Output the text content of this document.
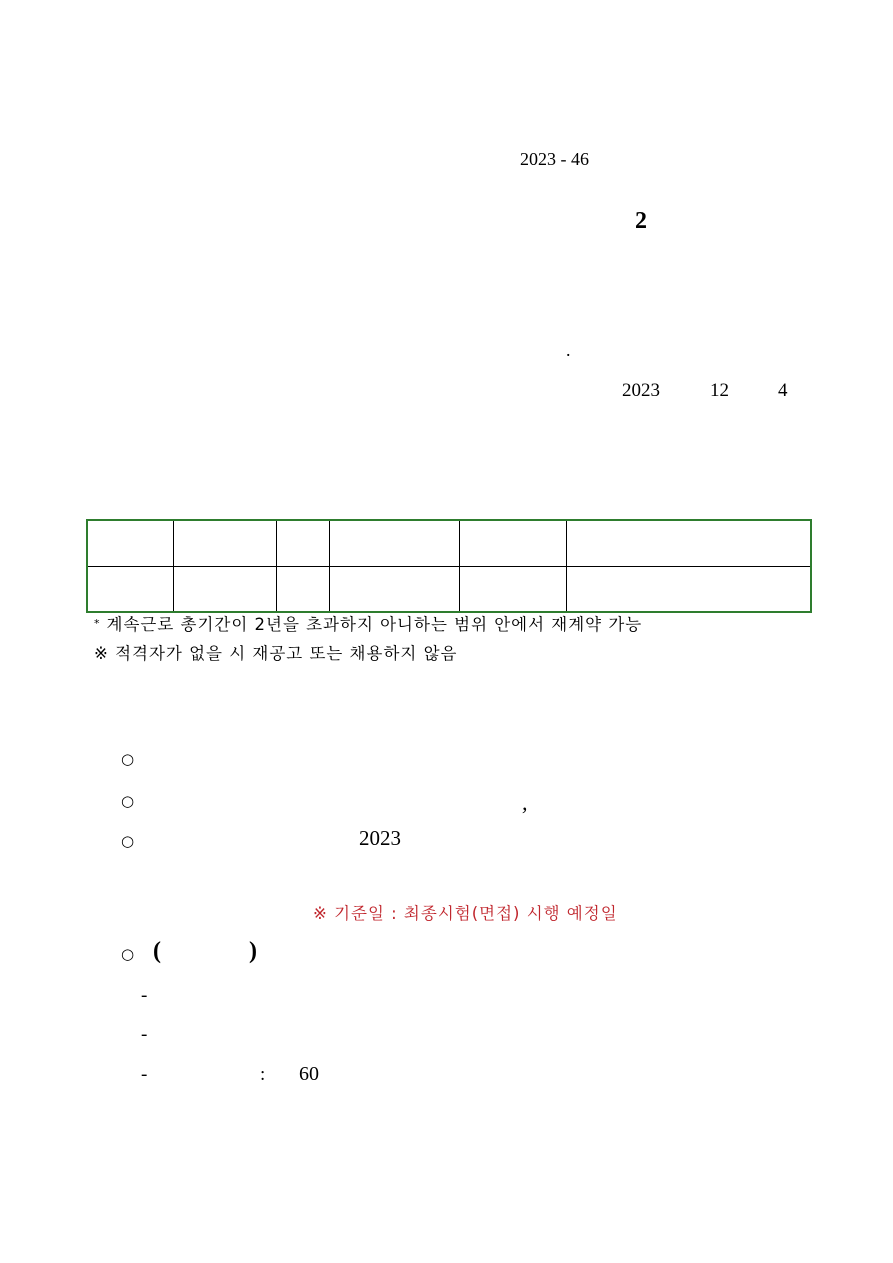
2023 - 46
2
.
2023	12	4

* 계속근로 총기간이 2년을 초과하지 아니하는 범위 안에서 재계약 가능
※ 적격자가 없을 시 재공고 또는 채용하지 않음
○
○	,
○	2023
※ 기준일 : 최종시험(면접) 시행 예정일
○ (	)
-
-
-	: 60
